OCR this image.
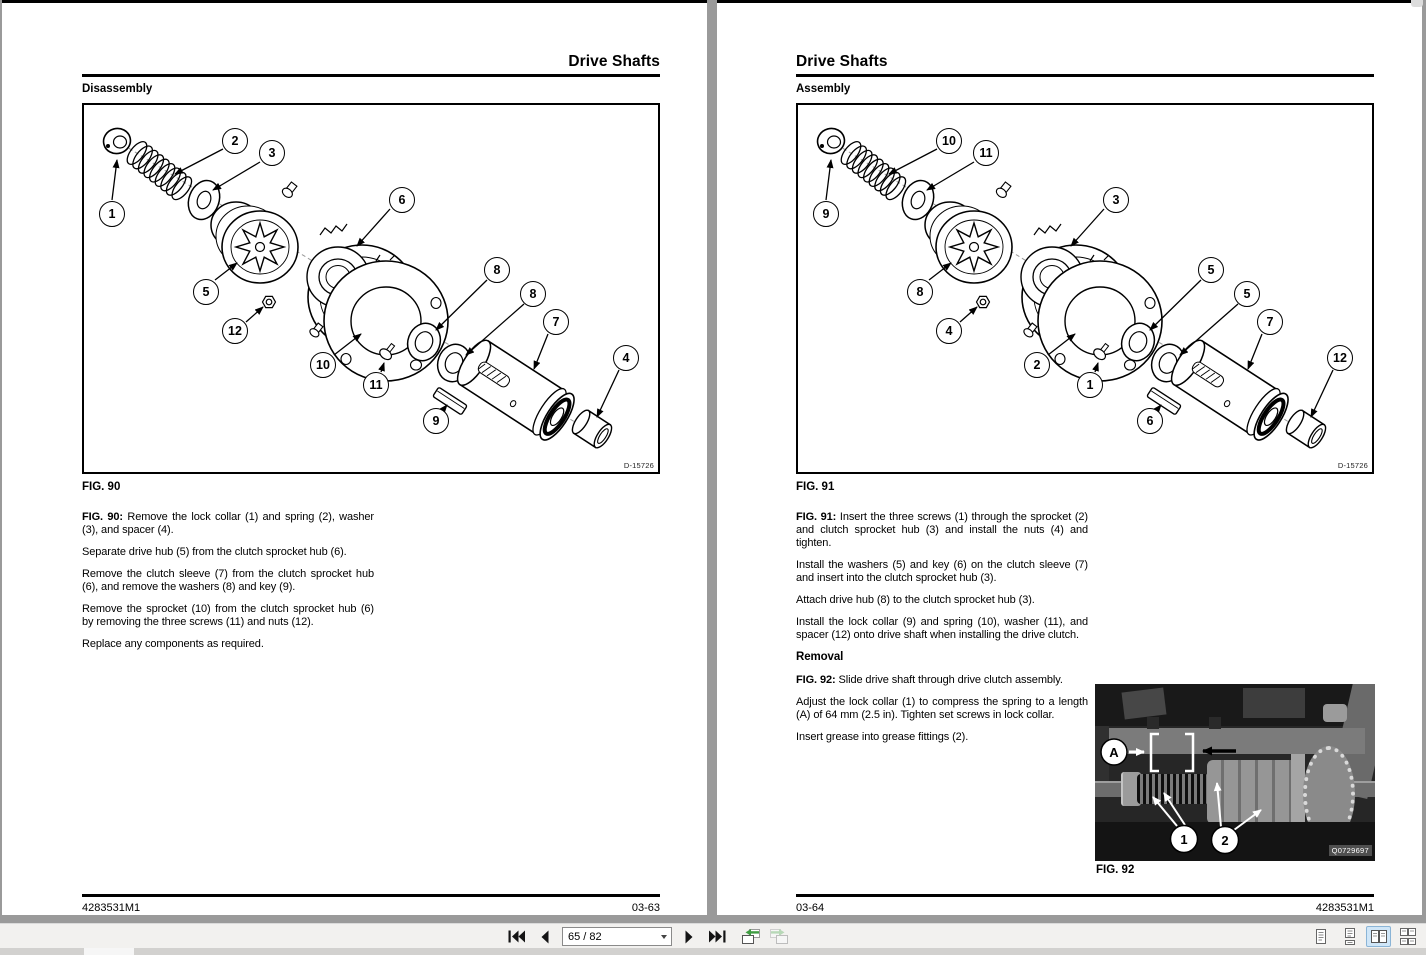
Drive Shafts
Disassembly
1
2
3
5
6
12
10
11
8
8
7
4
9
D-15726
FIG. 90

FIG. 90: Remove the lock collar (1) and spring (2), washer (3), and spacer (4).

Separate drive hub (5) from the clutch sprocket hub (6).

Remove the clutch sleeve (7) from the clutch sprocket hub (6), and remove the washers (8) and key (9).

Remove the sprocket (10) from the clutch sprocket hub (6) by removing the three screws (11) and nuts (12).

Replace any components as required.

4283531M1	03-63
Drive Shafts
Assembly
9
10
11
8
3
4
2
1
5
5
7
12
6
D-15726
FIG. 91

FIG. 91: Insert the three screws (1) through the sprocket (2) and clutch sprocket hub (3) and install the nuts (4) and tighten.

Install the washers (5) and key (6) on the clutch sleeve (7) and insert into the clutch sprocket hub (3).

Attach drive hub (8) to the clutch sprocket hub (3).

Install the lock collar (9) and spring (10), washer (11), and spacer (12) onto drive shaft when installing the drive clutch.

Removal

FIG. 92: Slide drive shaft through drive clutch assembly.

Adjust the lock collar (1) to compress the spring to a length (A) of 64 mm (2.5 in). Tighten set screws in lock collar.

Insert grease into grease fittings (2).

A
1	2
Q0729697
FIG. 92
03-64	4283531M1
65 / 82
